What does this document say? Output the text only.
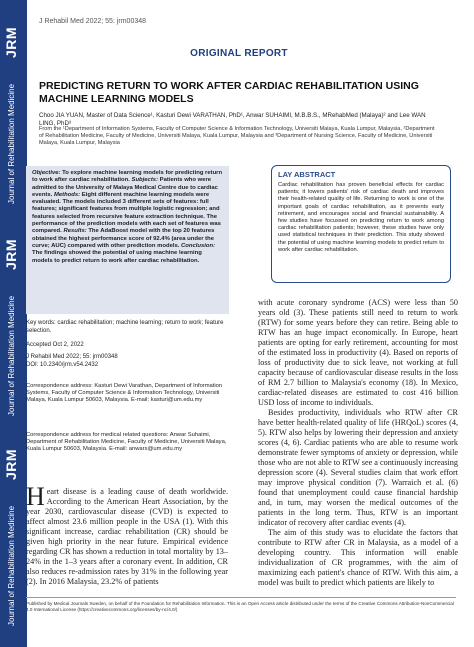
JRM
Journal of Rehabilitation Medicine
JRM
Journal of Rehabilitation Medicine
JRM
Journal of Rehabilitation Medicine
J Rehabil Med 2022; 55: jrm00348
ORIGINAL REPORT
PREDICTING RETURN TO WORK AFTER CARDIAC REHABILITATION USING MACHINE LEARNING MODELS
Choo JIA YUAN, Master of Data Science¹, Kasturi Dewi VARATHAN, PhD¹, Anwar SUHAIMI, M.B.B.S., MRehabMed (Malaya)² and Lee WAN LING, PhD³
From the ¹Department of Information Systems, Faculty of Computer Science & Information Technology, Universiti Malaya, Kuala Lumpur, Malaysia, ²Department of Rehabilitation Medicine, Faculty of Medicine, Universiti Malaya, Kuala Lumpur, Malaysia and ³Department of Nursing Science, Faculty of Medicine, Universiti Malaya, Kuala Lumpur, Malaysia
Objective: To explore machine learning models for predicting return to work after cardiac rehabilitation. Subjects: Patients who were admitted to the University of Malaya Medical Centre due to cardiac events. Methods: Eight different machine learning models were evaluated. The models included 3 different sets of features: full features; significant features from multiple logistic regression; and features selected from recursive feature extraction technique. The performance of the prediction models with each set of features was compared. Results: The AdaBoost model with the top 20 features obtained the highest performance score of 92.4% (area under the curve; AUC) compared with other prediction models. Conclusion: The findings showed the potential of using machine learning models to predict return to work after cardiac rehabilitation.
LAY ABSTRACT
Cardiac rehabilitation has proven beneficial effects for cardiac patients; it lowers patients' risk of cardiac death and improves their health-related quality of life. Returning to work is one of the important goals of cardiac rehabilitation, as it prevents early retirement, and encourages social and financial sustainability. A few studies have focussed on predicting return to work among cardiac rehabilitation patients; however, these studies have only used statistical techniques in their prediction. This study showed the potential of using machine learning models to predict return to work after cardiac rehabilitation.
Key words: cardiac rehabilitation; machine learning; return to work; feature selection.
Accepted Oct 2, 2022
J Rehabil Med 2022; 55: jrm00348
DOI: 10.2340/jrm.v54.2432
Correspondence address: Kasturi Dewi Varathan, Department of Information Systems, Faculty of Computer Science & Information Technology, Universiti Malaya, Kuala Lumpur 50603, Malaysia. E-mail: kasturi@um.edu.my
Correspondence address for medical related questions: Anwar Suhaimi, Department of Rehabilitation Medicine, Faculty of Medicine, Universiti Malaya, Kuala Lumpur 50603, Malaysia. E-mail: anwars@um.edu.my
Heart disease is a leading cause of death worldwide. According to the American Heart Association, by the year 2030, cardiovascular disease (CVD) is expected to affect almost 23.6 million people in the USA (1). With this significant increase, cardiac rehabilitation (CR) should be given high priority in the near future. Empirical evidence regarding CR has shown a reduction in total mortality by 13–24% in the 1–3 years after a coronary event. In addition, CR also reduces re-admission rates by 31% in the following year (2). In 2016 Malaysia, 23.2% of patients

with acute coronary syndrome (ACS) were less than 50 years old (3). These patients still need to return to work (RTW) for some years before they can retire. Being able to RTW has an huge impact economically. In Europe, heart patients are opting for early retirement, accounting for most of the estimated loss in productivity (4). Based on reports of loss of productivity due to sick leave, not working at full capacity because of cardiovascular disease results in the loss of RM 2.7 billion to Malaysia's economy (18). In Mexico, cardiac-related diseases are estimated to cost 416 billion USD loss of income to individuals.

Besides productivity, individuals who RTW after CR have better health-related quality of life (HRQoL) scores (4, 5). RTW also helps by lowering their depression and anxiety scores (4, 6). Cardiac patients who are able to resume work demonstrate fewer symptoms of anxiety or depression, while those who are not able to RTW see a continuously increasing depression score (4). Several studies claim that work effort may improve physical condition (7). Warraich et al. (6) found that unemployment could cause financial hardship and, in turn, may worsen the medical outcomes of the patients in the long term. Thus, RTW is an important indicator of recovery after cardiac events (4).

The aim of this study was to elucidate the factors that contribute to RTW after CR in Malaysia, as a model of a developing country. This information will enable individualization of CR programmes, with the aim of maximizing each patient's chance of RTW. With this aim, a model was built to predict which patients are likely to

Published by Medical Journals Sweden, on behalf of the Foundation for Rehabilitation Information. This is an Open Access article distributed under the terms of the Creative Commons Attribution-NonCommercial 4.0 International License (https://creativecommons.org/licenses/by-nc/4.0/)
